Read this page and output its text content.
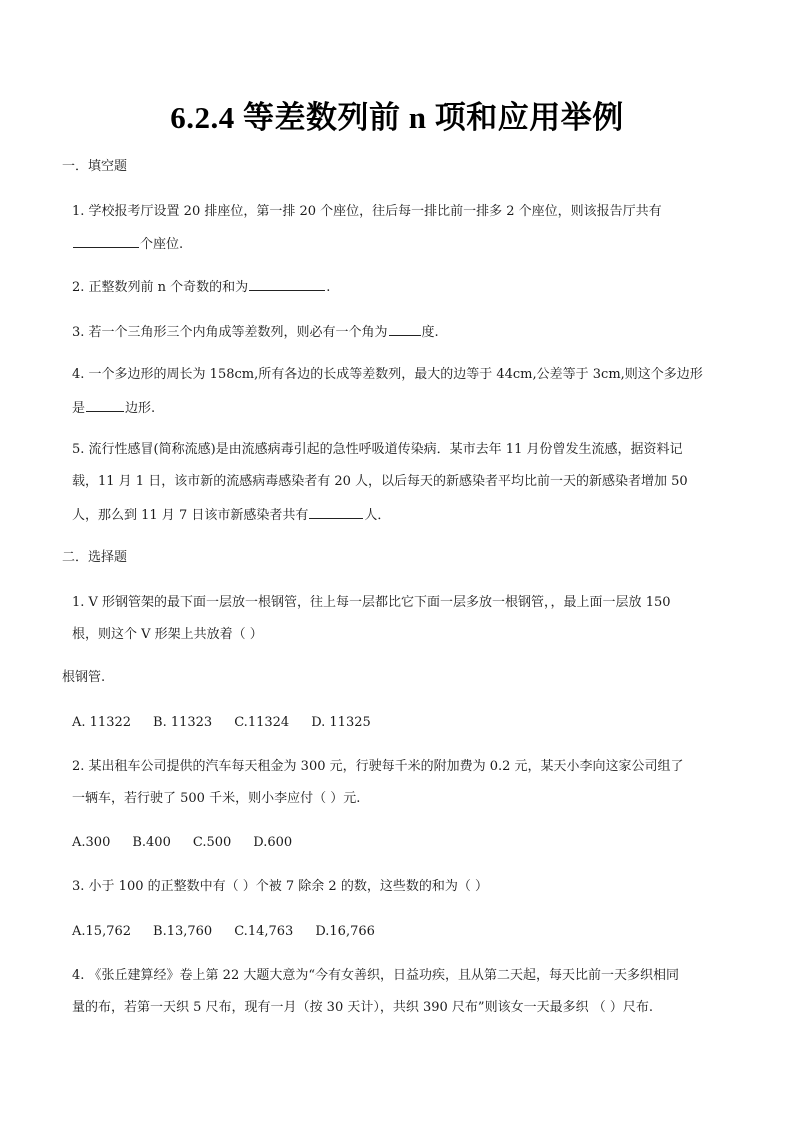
6.2.4 等差数列前 n 项和应用举例
一．填空题
1. 学校报考厅设置 20 排座位，第一排 20 个座位，往后每一排比前一排多 2 个座位，则该报告厅共有
个座位.
2. 正整数列前 n 个奇数的和为	.
3. 若一个三角形三个内角成等差数列，则必有一个角为	度.
4. 一个多边形的周长为 158cm,所有各边的长成等差数列，最大的边等于 44cm,公差等于 3cm,则这个多边形
是	边形.
5. 流行性感冒(简称流感)是由流感病毒引起的急性呼吸道传染病．某市去年 11 月份曾发生流感，据资料记
载，11 月 1 日，该市新的流感病毒感染者有 20 人，以后每天的新感染者平均比前一天的新感染者增加 50
人，那么到 11 月 7 日该市新感染者共有	人．
二．选择题
1. V 形钢管架的最下面一层放一根钢管，往上每一层都比它下面一层多放一根钢管，，最上面一层放 150
根，则这个 V 形架上共放着（ ）
根钢管.
A. 11322 B. 11323 C.11324 D. 11325
2. 某出租车公司提供的汽车每天租金为 300 元，行驶每千米的附加费为 0.2 元，某天小李向这家公司组了
一辆车，若行驶了 500 千米，则小李应付（ ）元.
A.300 B.400 C.500 D.600
3. 小于 100 的正整数中有（ ）个被 7 除余 2 的数，这些数的和为（ ）
A.15,762 B.13,760 C.14,763 D.16,766
4. 《张丘建算经》卷上第 22 大题大意为“今有女善织，日益功疾，且从第二天起，每天比前一天多织相同
量的布，若第一天织 5 尺布，现有一月（按 30 天计），共织 390 尺布”则该女一天最多织 （ ）尺布.
